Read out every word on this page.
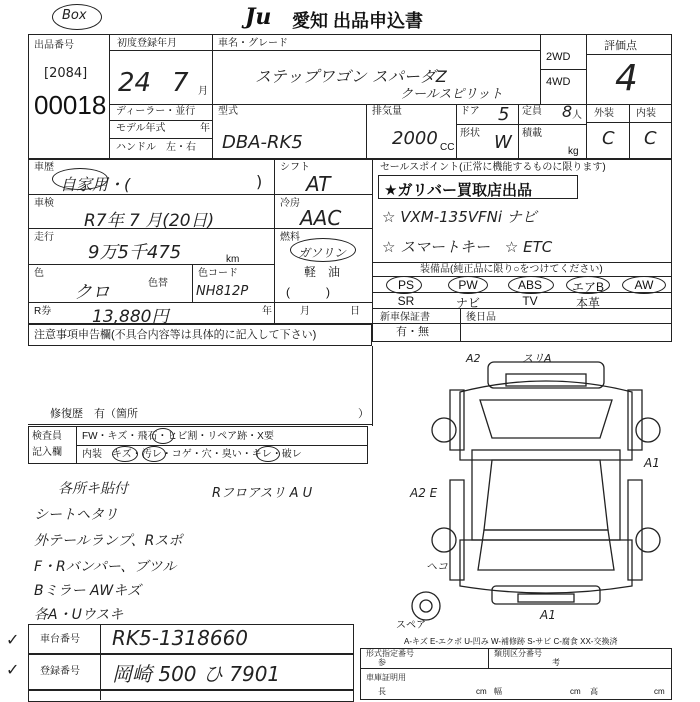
Box	Ju 愛知 出品申込書
出品番号
[2084]
00018
初度登録年月
24 7 月
車名・グレード
ステップワゴン スパーダZ
クールスピリット
2WD
4WD
評価点
4
外装 内装
C C
ディーラー・並行
モデル年式	年
ハンドル　左・右
型式
DBA-RK5
排気量
2000 CC
ドア 5 定員 8 人
形状 W 積載
kg
車歴
自家用・(	)
シフト
AT
セールスポイント(正常に機能するものに限ります)
★ガリバー買取店出品
☆ VXM-135VFNi ナビ
☆ スマートキー　☆ ETC
車検
R7年 7 月(20日)
冷房
AAC
走行
9万5千475	km
燃料
ガソリン
軽　油
(　　　)
色
クロ	色替
色コード
NH812P
装備品(純正品に限り○をつけてください)
PS	PW	ABS	エアB	AW
SR	ナビ	TV	本革
R券 13,880円	新車保証書
有・無
後日品
注意事項申告欄(不具合内容等は具体的に記入して下さい)
年	月	日
修復歴　有（箇所	）
検査員
記入欄
FW・キズ・飛石・ヒビ割・リペア跡・X要
内装　キズ・汚レ・コゲ・穴・臭い・キレ・破レ
各所キ貼付
シートヘタリ
外テールランプ、Rスポ
F・Rバンパー、ブツル
Bミラー AWキズ
各A・Uウスキ
Rフロアスリ A U
A2	スリA
A1
A2 E
ヘコ
A1
スペア
A-キズ E-エクボ U-凹み W-補修跡 S-サビ C-腐食 XX-交換済
車台番号 RK5-1318660
✓
登録番号 岡崎 500 ひ 7901
✓
形式指定番号
参
類別区分番号
考
車庫証明用
長	cm 幅	cm 高	cm
